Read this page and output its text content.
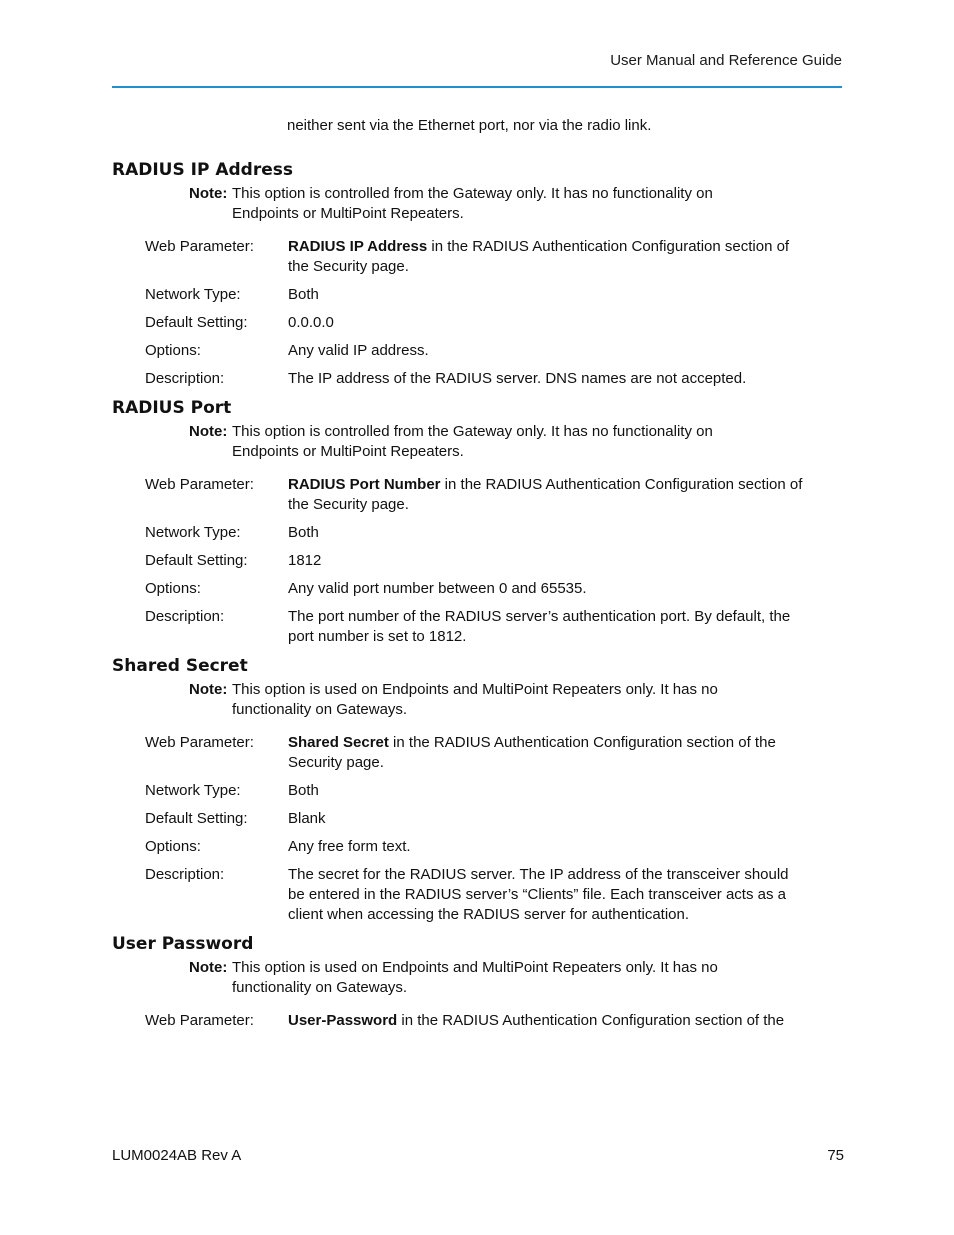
User Manual and Reference Guide

neither sent via the Ethernet port, nor via the radio link.

RADIUS IP Address
Note: This option is controlled from the Gateway only. It has no functionality on Endpoints or MultiPoint Repeaters.
Web Parameter:	RADIUS IP Address in the RADIUS Authentication Configuration section of the Security page.
Network Type:	Both
Default Setting:	0.0.0.0
Options:	Any valid IP address.
Description:	The IP address of the RADIUS server. DNS names are not accepted.
RADIUS Port
Note: This option is controlled from the Gateway only. It has no functionality on Endpoints or MultiPoint Repeaters.
Web Parameter:	RADIUS Port Number in the RADIUS Authentication Configuration section of the Security page.
Network Type:	Both
Default Setting:	1812
Options:	Any valid port number between 0 and 65535.
Description:	The port number of the RADIUS server’s authentication port. By default, the port number is set to 1812.
Shared Secret
Note: This option is used on Endpoints and MultiPoint Repeaters only. It has no functionality on Gateways.
Web Parameter:	Shared Secret in the RADIUS Authentication Configuration section of the Security page.
Network Type:	Both
Default Setting:	Blank
Options:	Any free form text.
Description:	The secret for the RADIUS server. The IP address of the transceiver should be entered in the RADIUS server’s “Clients” file. Each transceiver acts as a client when accessing the RADIUS server for authentication.
User Password
Note: This option is used on Endpoints and MultiPoint Repeaters only. It has no functionality on Gateways.
Web Parameter:	User-Password in the RADIUS Authentication Configuration section of the
LUM0024AB Rev A	75
